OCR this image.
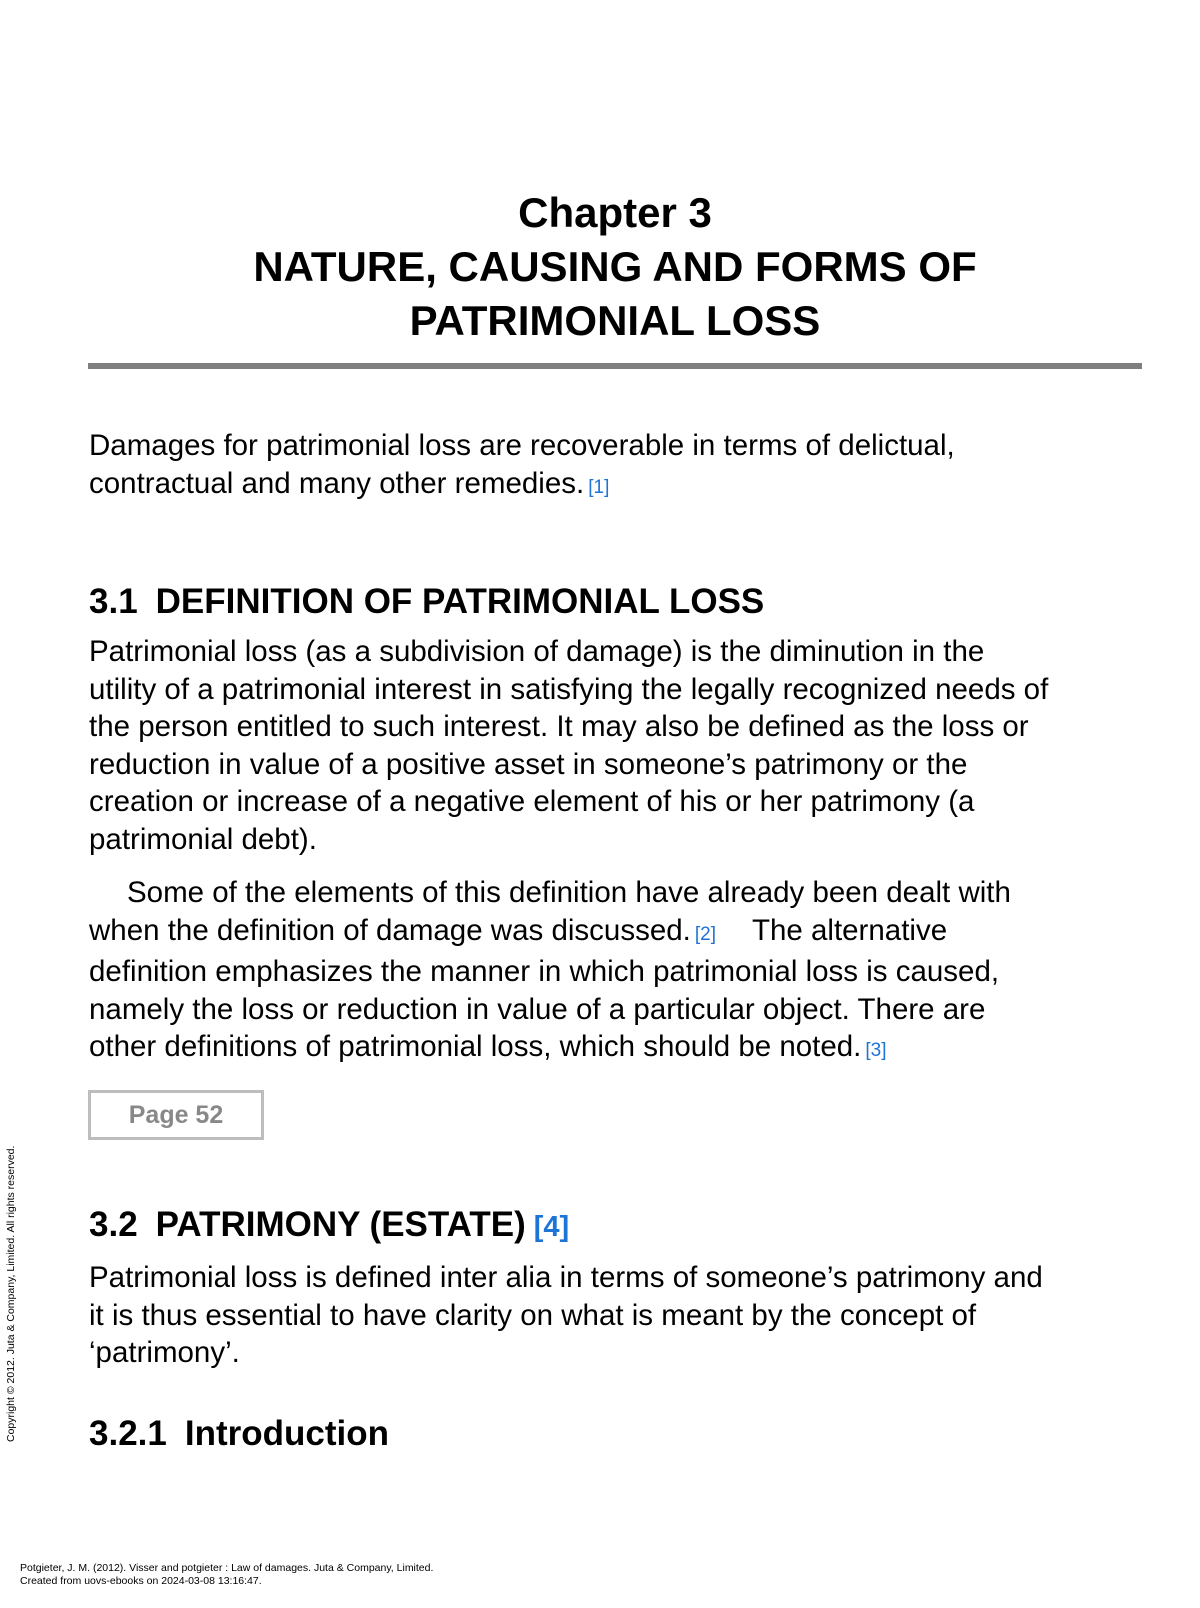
Chapter 3
NATURE, CAUSING AND FORMS OF
PATRIMONIAL LOSS
Damages for patrimonial loss are recoverable in terms of delictual,
contractual and many other remedies. [1]
3.1 DEFINITION OF PATRIMONIAL LOSS
Patrimonial loss (as a subdivision of damage) is the diminution in the
utility of a patrimonial interest in satisfying the legally recognized needs of
the person entitled to such interest. It may also be defined as the loss or
reduction in value of a positive asset in someone’s patrimony or the
creation or increase of a negative element of his or her patrimony (a
patrimonial debt).
Some of the elements of this definition have already been dealt with
when the definition of damage was discussed. [2] The alternative
definition emphasizes the manner in which patrimonial loss is caused,
namely the loss or reduction in value of a particular object. There are
other definitions of patrimonial loss, which should be noted. [3]
Page 52
3.2 PATRIMONY (ESTATE) [4]
Patrimonial loss is defined inter alia in terms of someone’s patrimony and
it is thus essential to have clarity on what is meant by the concept of
‘patrimony’.
3.2.1 Introduction
Copyright © 2012. Juta & Company, Limited. All rights reserved.
Potgieter, J. M. (2012). Visser and potgieter : Law of damages. Juta & Company, Limited.
Created from uovs-ebooks on 2024-03-08 13:16:47.
